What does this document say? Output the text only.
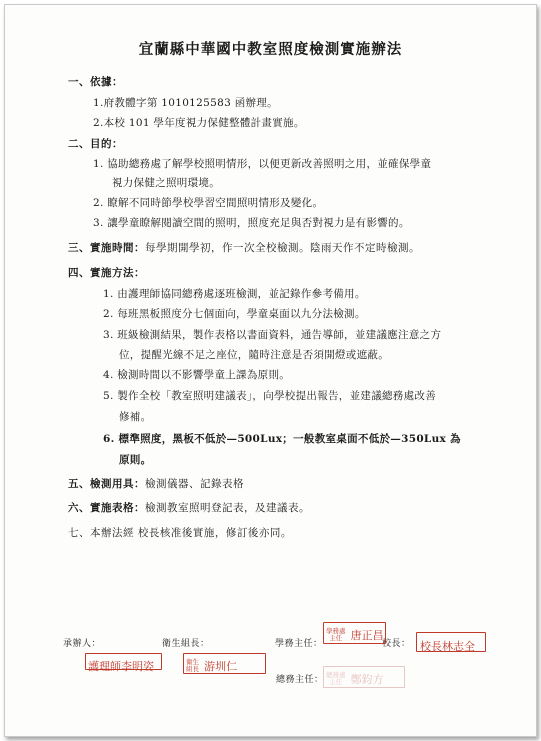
宜蘭縣中華國中教室照度檢測實施辦法
一、依據：
1.府教體字第 1010125583 函辦理。
2.本校 101 學年度視力保健整體計畫實施。
二、目的：
1. 協助總務處了解學校照明情形，以便更新改善照明之用，並確保學童
視力保健之照明環境。
2. 瞭解不同時節學校學習空間照明情形及變化。
3. 讓學童瞭解閱讀空間的照明，照度充足與否對視力是有影響的。
三、實施時間：每學期開學初，作一次全校檢測。陰雨天作不定時檢測。
四、實施方法：
1. 由護理師協同總務處逐班檢測，並記錄作參考備用。
2. 每班黑板照度分七個面向，學童桌面以九分法檢測。
3. 班級檢測結果，製作表格以書面資料，通告導師，並建議應注意之方
位，提醒光線不足之座位，隨時注意是否須開燈或遮蔽。
4. 檢測時間以不影響學童上課為原則。
5. 製作全校「教室照明建議表」，向學校提出報告，並建議總務處改善
修補。
6. 標準照度，黑板不低於—500Lux；一般教室桌面不低於—350Lux 為
原則。
五、檢測用具：檢測儀器、記錄表格
六、實施表格：檢測教室照明登記表，及建議表。
七、本辦法經 校長核准後實施，修訂後亦同。
承辦人：	衛生組長：	學務主任：	校長：
總務主任：
護理師李明姿	衛生
組長 游圳仁
學務處
主任 唐正昌
校長林志全
總務處
主任 鄭鈞方
